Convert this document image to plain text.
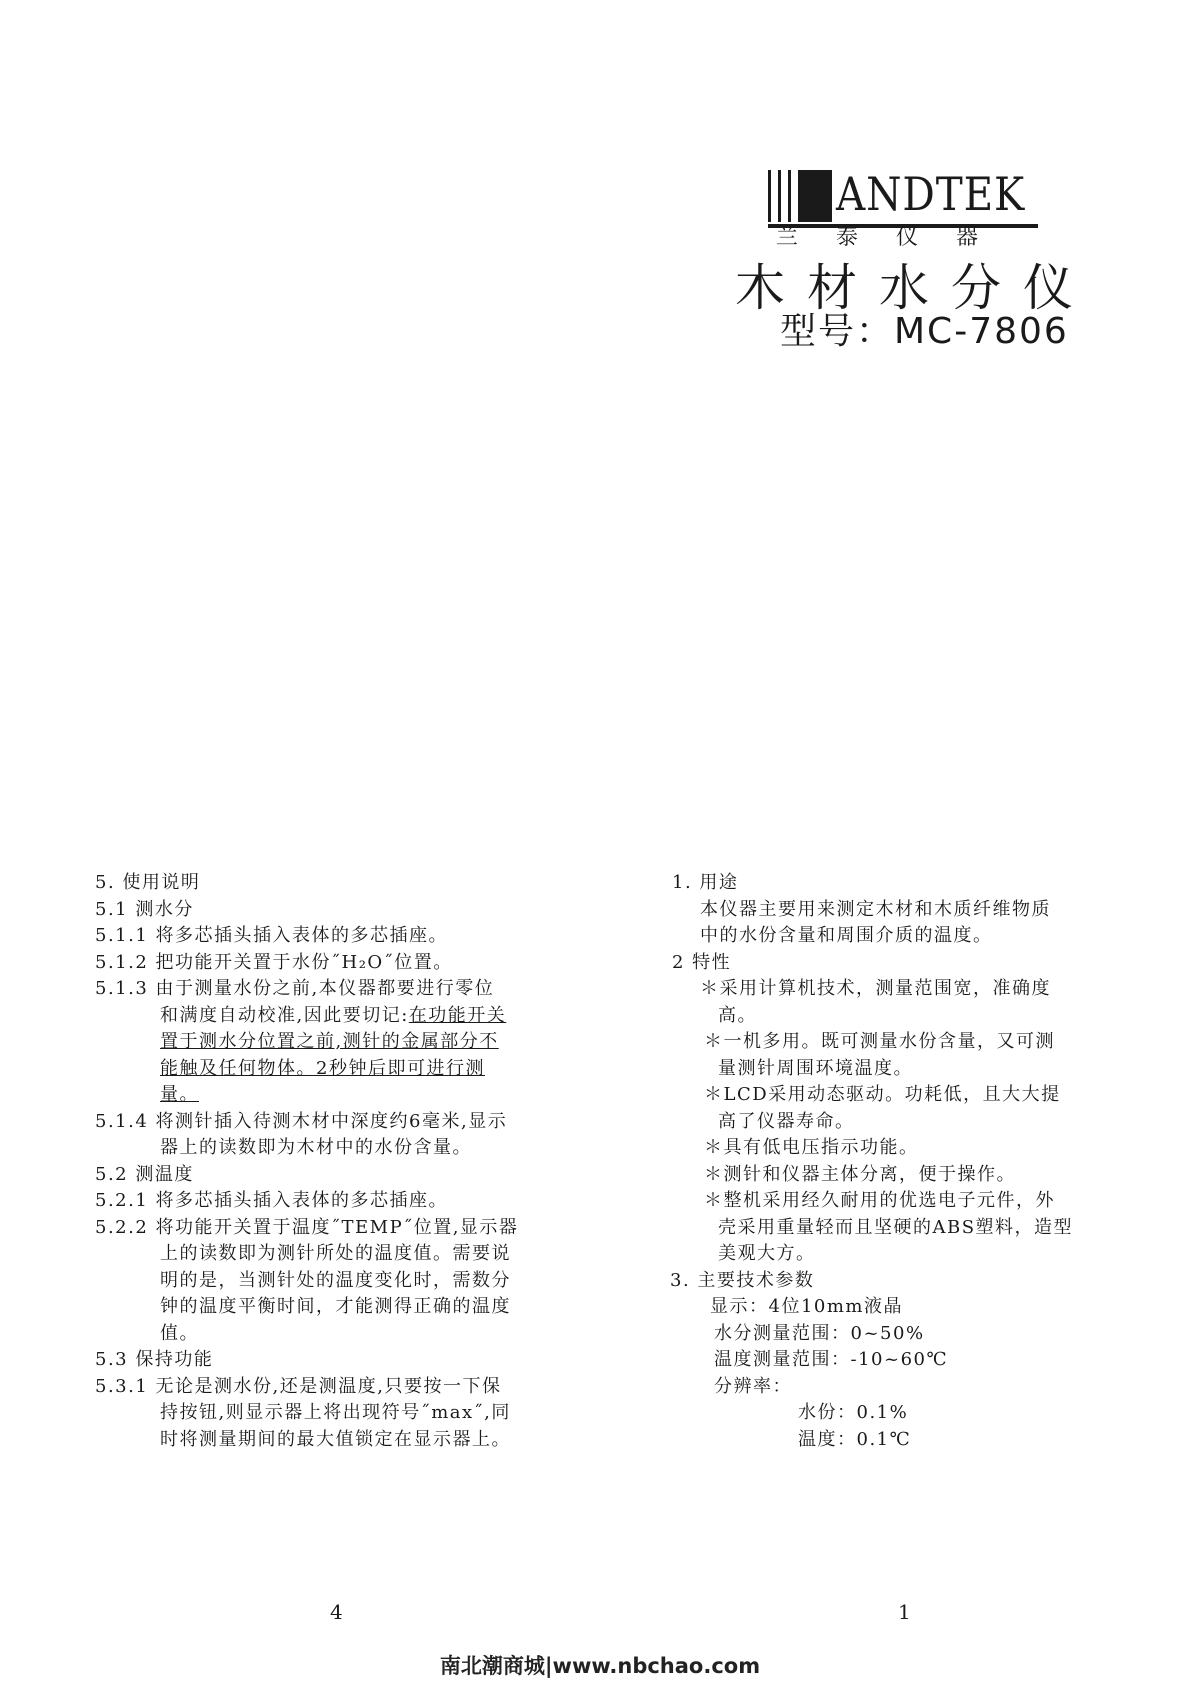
ANDTEK
兰泰仪器
木材水分仪
型号：MC-7806
5. 使用说明
5.1 测水分
5.1.1 将多芯插头插入表体的多芯插座。
5.1.2 把功能开关置于水份˝H₂O˝位置。
5.1.3 由于测量水份之前,本仪器都要进行零位
和满度自动校准,因此要切记:在功能开关
置于测水分位置之前,测针的金属部分不
能触及任何物体。2秒钟后即可进行测
量。
5.1.4 将测针插入待测木材中深度约6毫米,显示
器上的读数即为木材中的水份含量。
5.2 测温度
5.2.1 将多芯插头插入表体的多芯插座。
5.2.2 将功能开关置于温度˝TEMP˝位置,显示器
上的读数即为测针所处的温度值。需要说
明的是，当测针处的温度变化时，需数分
钟的温度平衡时间，才能测得正确的温度
值。
5.3 保持功能
5.3.1 无论是测水份,还是测温度,只要按一下保
持按钮,则显示器上将出现符号˝max˝,同
时将测量期间的最大值锁定在显示器上。
1. 用途
本仪器主要用来测定木材和木质纤维物质
中的水份含量和周围介质的温度。
2 特性
＊采用计算机技术，测量范围宽，准确度
高。
＊一机多用。既可测量水份含量，又可测
量测针周围环境温度。
＊LCD采用动态驱动。功耗低，且大大提
高了仪器寿命。
＊具有低电压指示功能。
＊测针和仪器主体分离，便于操作。
＊整机采用经久耐用的优选电子元件，外
壳采用重量轻而且坚硬的ABS塑料，造型
美观大方。
3. 主要技术参数
显示：4位10mm液晶
水分测量范围：0~50%
温度测量范围：-10~60℃
分辨率：
水份：0.1%
温度：0.1℃
4	1
南北潮商城|www.nbchao.com
